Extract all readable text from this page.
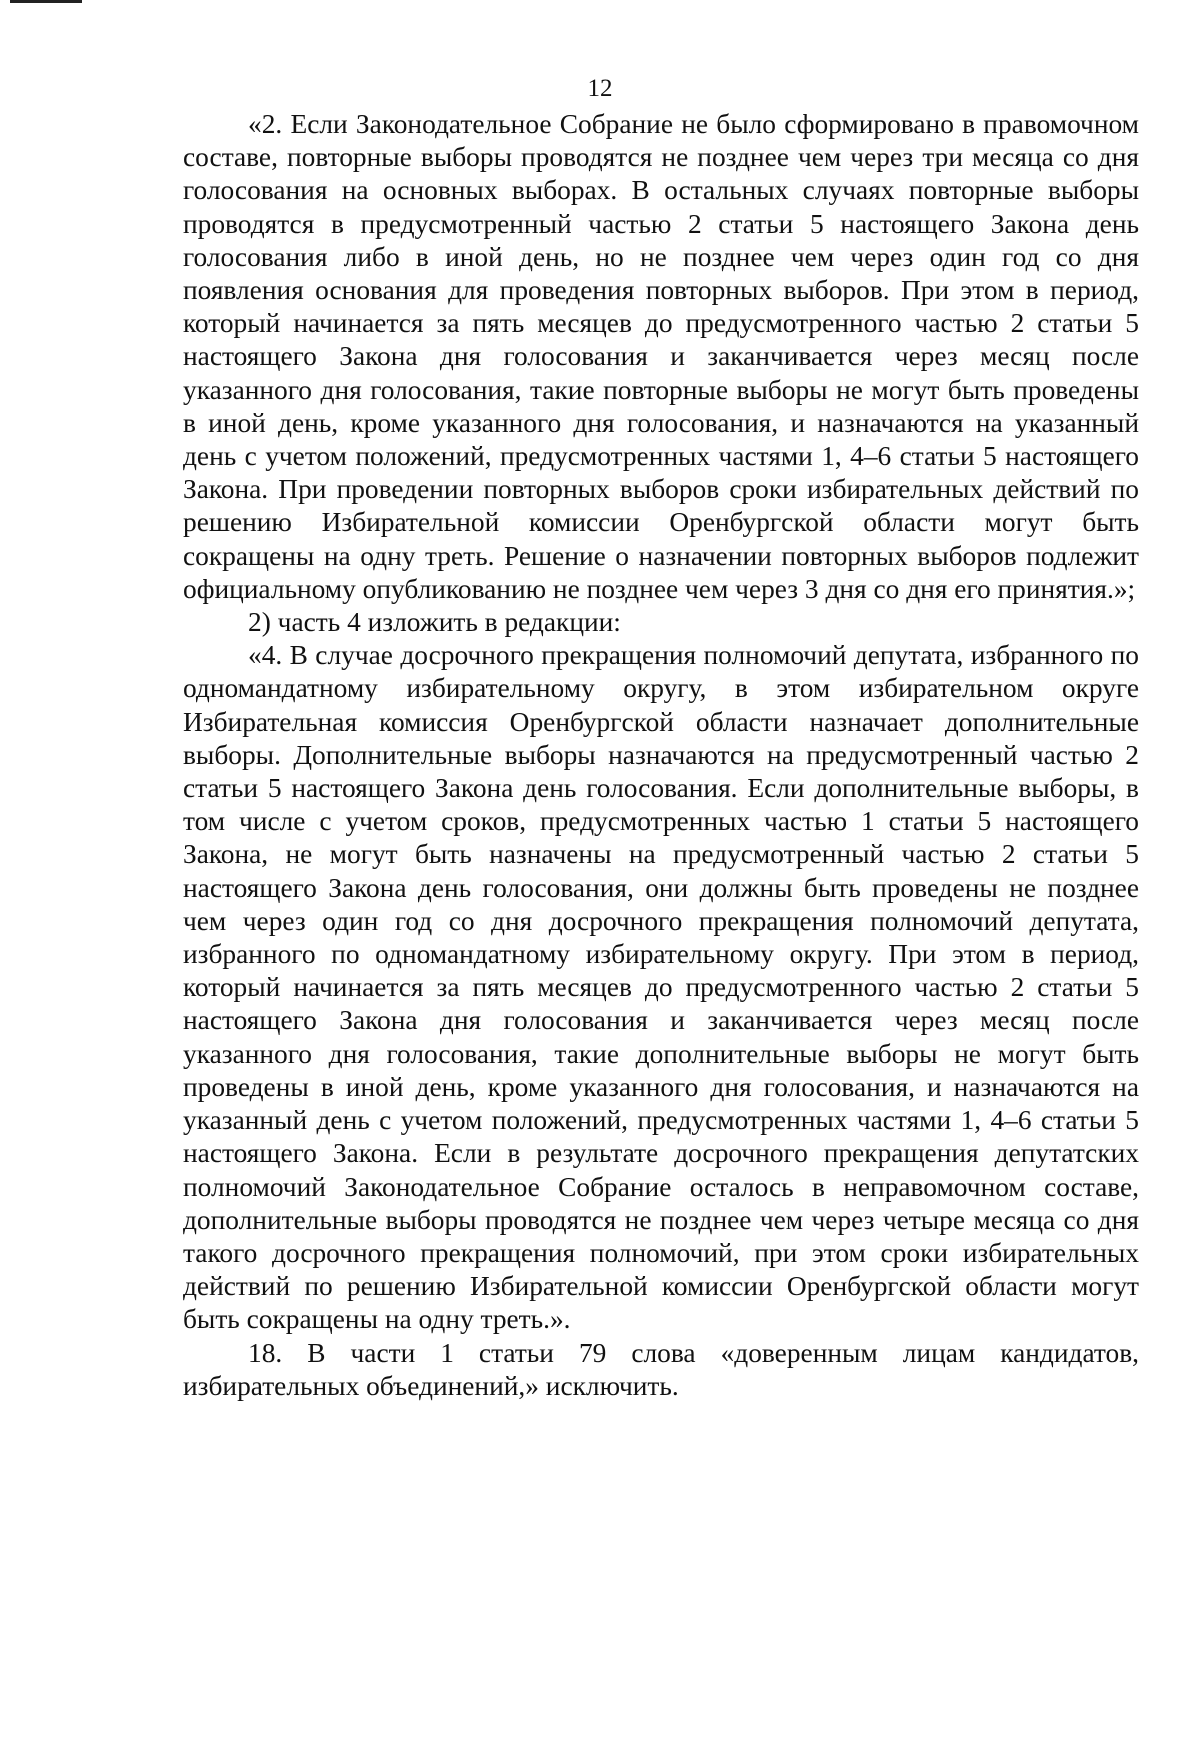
12

«2. Если Законодательное Собрание не было сформировано в правомочном составе, повторные выборы проводятся не позднее чем через три месяца со дня голосования на основных выборах. В остальных случаях повторные выборы проводятся в предусмотренный частью 2 статьи 5 настоящего Закона день голосования либо в иной день, но не позднее чем через один год со дня появления основания для проведения повторных выборов. При этом в период, который начинается за пять месяцев до предусмотренного частью 2 статьи 5 настоящего Закона дня голосования и заканчивается через месяц после указанного дня голосования, такие повторные выборы не могут быть проведены в иной день, кроме указанного дня голосования, и назначаются на указанный день с учетом положений, предусмотренных частями 1, 4–6 статьи 5 настоящего Закона. При проведении повторных выборов сроки избирательных действий по решению Избирательной комиссии Оренбургской области могут быть сокращены на одну треть. Решение о назначении повторных выборов подлежит официальному опубликованию не позднее чем через 3 дня со дня его принятия.»;

2) часть 4 изложить в редакции:

«4. В случае досрочного прекращения полномочий депутата, избранного по одномандатному избирательному округу, в этом избирательном округе Избирательная комиссия Оренбургской области назначает дополнительные выборы. Дополнительные выборы назначаются на предусмотренный частью 2 статьи 5 настоящего Закона день голосования. Если дополнительные выборы, в том числе с учетом сроков, предусмотренных частью 1 статьи 5 настоящего Закона, не могут быть назначены на предусмотренный частью 2 статьи 5 настоящего Закона день голосования, они должны быть проведены не позднее чем через один год со дня досрочного прекращения полномочий депутата, избранного по одномандатному избирательному округу. При этом в период, который начинается за пять месяцев до предусмотренного частью 2 статьи 5 настоящего Закона дня голосования и заканчивается через месяц после указанного дня голосования, такие дополнительные выборы не могут быть проведены в иной день, кроме указанного дня голосования, и назначаются на указанный день с учетом положений, предусмотренных частями 1, 4–6 статьи 5 настоящего Закона. Если в результате досрочного прекращения депутатских полномочий Законодательное Собрание осталось в неправомочном составе, дополнительные выборы проводятся не позднее чем через четыре месяца со дня такого досрочного прекращения полномочий, при этом сроки избирательных действий по решению Избирательной комиссии Оренбургской области могут быть сокращены на одну треть.».

18. В части 1 статьи 79 слова «доверенным лицам кандидатов, избирательных объединений,» исключить.
